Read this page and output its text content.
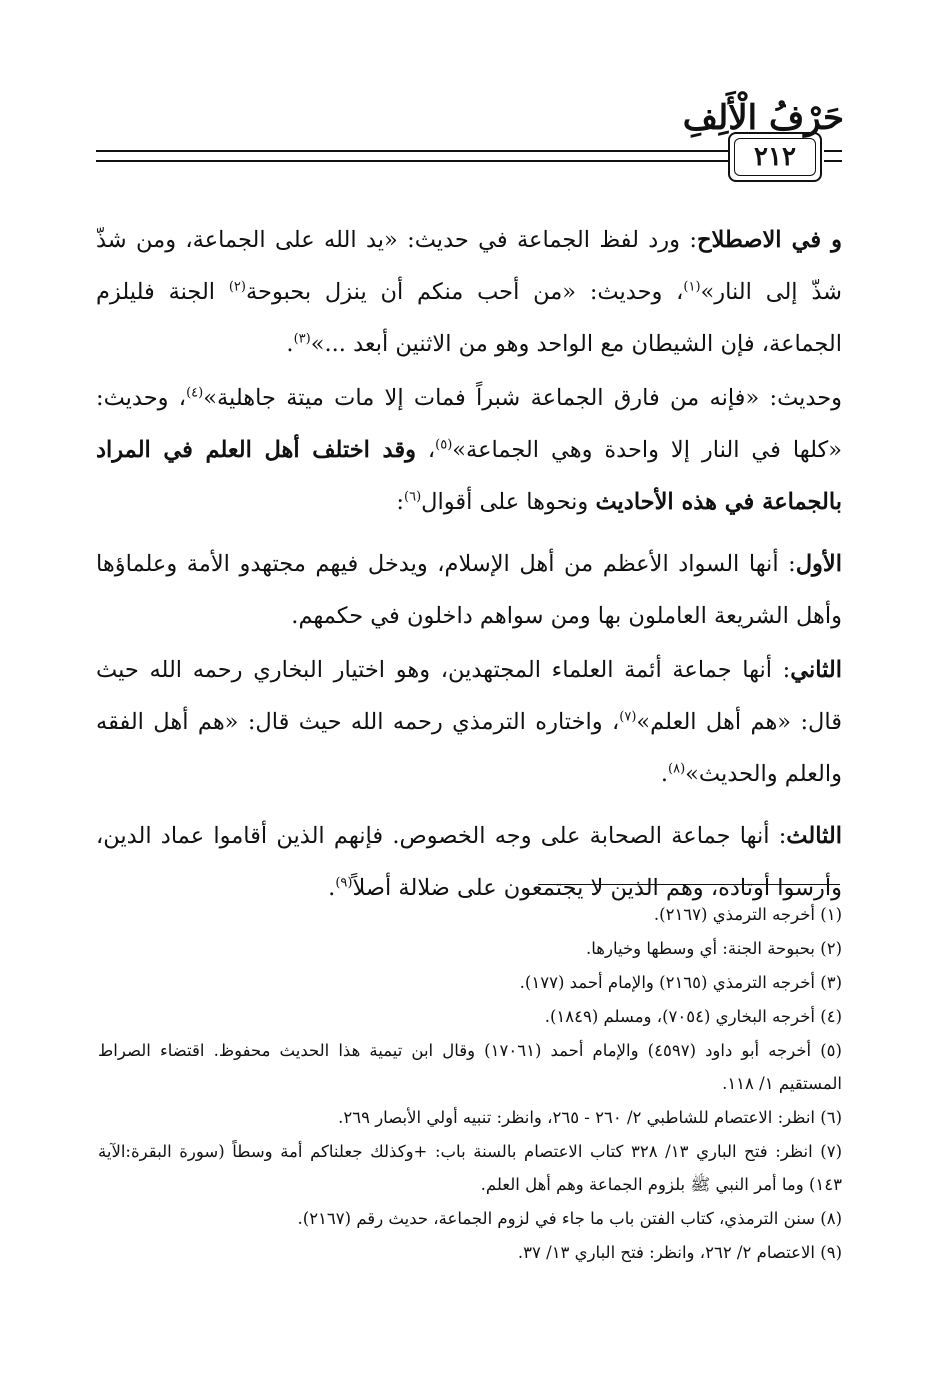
حَرْفُ الْأَلِفِ
٢١٢

و في الاصطلاح: ورد لفظ الجماعة في حديث: «يد الله على الجماعة، ومن شذّ شذّ إلى النار»$^{(١)}$، وحديث: «من أحب منكم أن ينزل بحبوحة$^{(٢)}$ الجنة فليلزم الجماعة، فإن الشيطان مع الواحد وهو من الاثنين أبعد ...»$^{(٣)}$.

وحديث: «فإنه من فارق الجماعة شبراً فمات إلا مات ميتة جاهلية»$^{(٤)}$، وحديث: «كلها في النار إلا واحدة وهي الجماعة»$^{(٥)}$، وقد اختلف أهل العلم في المراد بالجماعة في هذه الأحاديث ونحوها على أقوال$^{(٦)}$:

الأول: أنها السواد الأعظم من أهل الإسلام، ويدخل فيهم مجتهدو الأمة وعلماؤها وأهل الشريعة العاملون بها ومن سواهم داخلون في حكمهم.

الثاني: أنها جماعة أئمة العلماء المجتهدين، وهو اختيار البخاري رحمه الله حيث قال: «هم أهل العلم»$^{(٧)}$، واختاره الترمذي رحمه الله حيث قال: «هم أهل الفقه والعلم والحديث»$^{(٨)}$.

الثالث: أنها جماعة الصحابة على وجه الخصوص. فإنهم الذين أقاموا عماد الدين، وأرسوا أوتاده، وهم الذين لا يجتمعون على ضلالة أصلاً$^{(٩)}$.

(١) أخرجه الترمذي (٢١٦٧).
(٢) بحبوحة الجنة: أي وسطها وخيارها.
(٣) أخرجه الترمذي (٢١٦٥) والإمام أحمد (١٧٧).
(٤) أخرجه البخاري (٧٠٥٤)، ومسلم (١٨٤٩).
(٥) أخرجه أبو داود (٤٥٩٧) والإمام أحمد (١٧٠٦١) وقال ابن تيمية هذا الحديث محفوظ. اقتضاء الصراط المستقيم ١/ ١١٨.
(٦) انظر: الاعتصام للشاطبي ٢/ ٢٦٠ - ٢٦٥، وانظر: تنبيه أولي الأبصار ٢٦٩.
(٧) انظر: فتح الباري ١٣/ ٣٢٨ كتاب الاعتصام بالسنة باب: +وكذلك جعلناكم أمة وسطاً (سورة البقرة:الآية ١٤٣) وما أمر النبي ﷺ بلزوم الجماعة وهم أهل العلم.
(٨) سنن الترمذي، كتاب الفتن باب ما جاء في لزوم الجماعة، حديث رقم (٢١٦٧).
(٩) الاعتصام ٢/ ٢٦٢، وانظر: فتح الباري ١٣/ ٣٧.
